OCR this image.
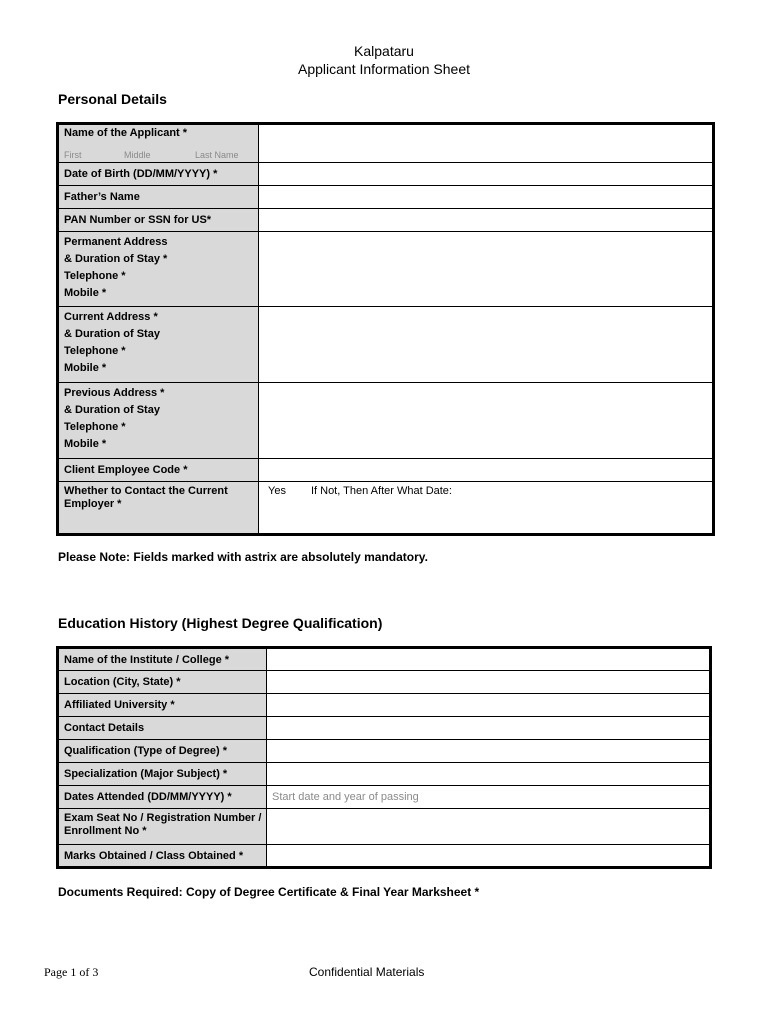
Kalpataru
Applicant Information Sheet
Personal Details
Name of the Applicant *
First Middle Last Name	

Date of Birth (DD/MM/YYYY) *	
Father’s Name	
PAN Number or SSN for US*	

Permanent Address
& Duration of Stay *
Telephone *
Mobile *	

Current Address *
& Duration of Stay
Telephone *
Mobile *	

Previous Address *
& Duration of Stay
Telephone *
Mobile *	

Client Employee Code *	
Whether to Contact the Current Employer *	Yes If Not, Then After What Date:
Please Note: Fields marked with astrix are absolutely mandatory.
Education History (Highest Degree Qualification)
Name of the Institute / College *	
Location (City, State) *	
Affiliated University *	
Contact Details	
Qualification (Type of Degree) *	
Specialization (Major Subject) *	
Dates Attended (DD/MM/YYYY) *	Start date and year of passing
Exam Seat No / Registration Number / Enrollment No *	
Marks Obtained / Class Obtained *	
Documents Required: Copy of Degree Certificate & Final Year Marksheet *
Page 1 of 3	Confidential Materials
